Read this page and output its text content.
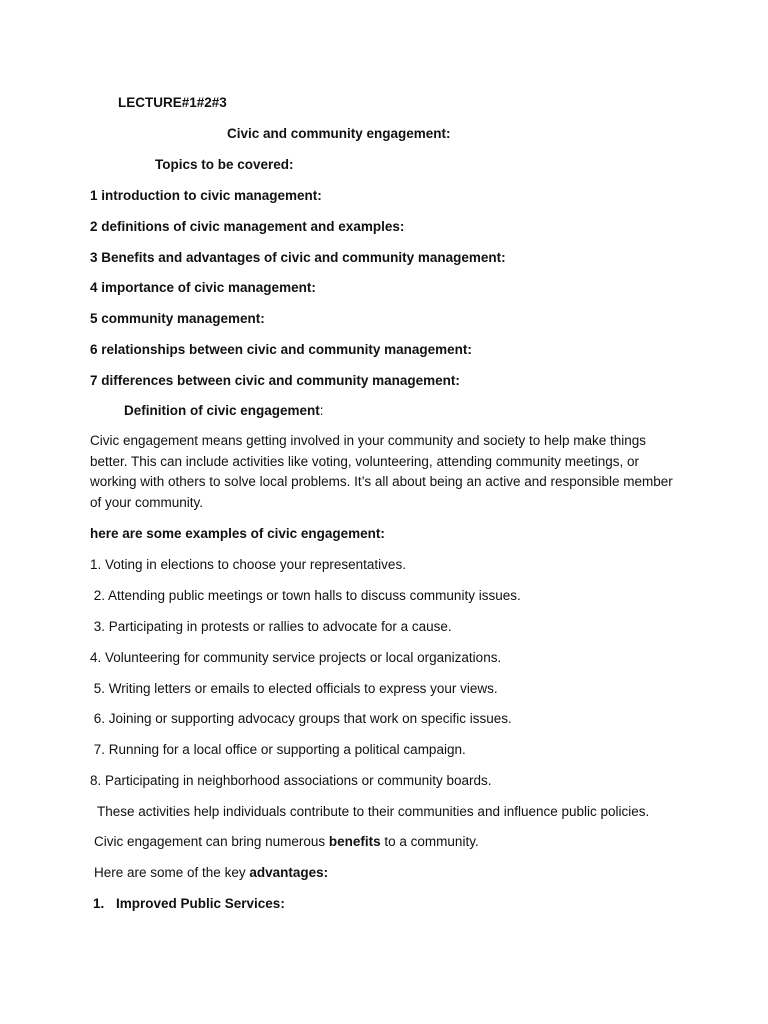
LECTURE#1#2#3
Civic and community engagement:
Topics to be covered:
1 introduction to civic management:
2 definitions of civic management and examples:
3 Benefits and advantages of civic and community management:
4 importance of civic management:
5 community management:
6 relationships between civic and community management:
7 differences between civic and community management:
Definition of civic engagement:
Civic engagement means getting involved in your community and society to help make things better. This can include activities like voting, volunteering, attending community meetings, or working with others to solve local problems. It’s all about being an active and responsible member of your community.
here are some examples of civic engagement:
1. Voting in elections to choose your representatives.
2. Attending public meetings or town halls to discuss community issues.
3. Participating in protests or rallies to advocate for a cause.
4. Volunteering for community service projects or local organizations.
5. Writing letters or emails to elected officials to express your views.
6. Joining or supporting advocacy groups that work on specific issues.
7. Running for a local office or supporting a political campaign.
8. Participating in neighborhood associations or community boards.
These activities help individuals contribute to their communities and influence public policies.
Civic engagement can bring numerous benefits to a community.
Here are some of the key advantages:
1. Improved Public Services:
